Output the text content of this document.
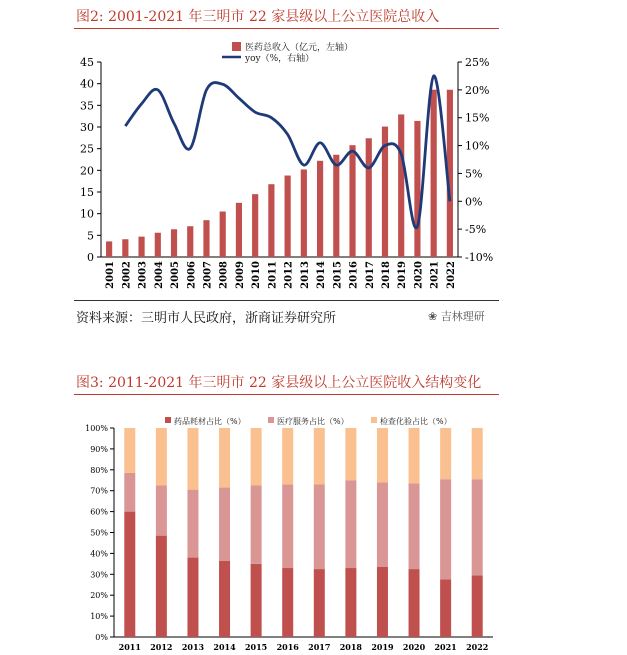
图2: 2001-2021 年三明市 22 家县级以上公立医院总收入
0
5
10
15
20
25
30
35
40
45
-10%
-5%
0%
5%
10%
15%
20%
25%
2001 2002 2003 2004 2005 2006 2007 2008 2009 2010 2011 2012 2013 2014 2015 2016 2017 2018 2019 2020 2021 2022
医药总收入（亿元，左轴）
yoy（%，右轴）
资料来源：三明市人民政府，浙商证券研究所	❀ 吉林理研
图3: 2011-2021 年三明市 22 家县级以上公立医院收入结构变化
0%
10%
20%
30%
40%
50%
60%
70%
80%
90%
100%
2011 2012 2013 2014 2015 2016 2017 2018 2019 2020 2021 2022
药品耗材占比（%）	医疗服务占比（%）	检查化验占比（%）
